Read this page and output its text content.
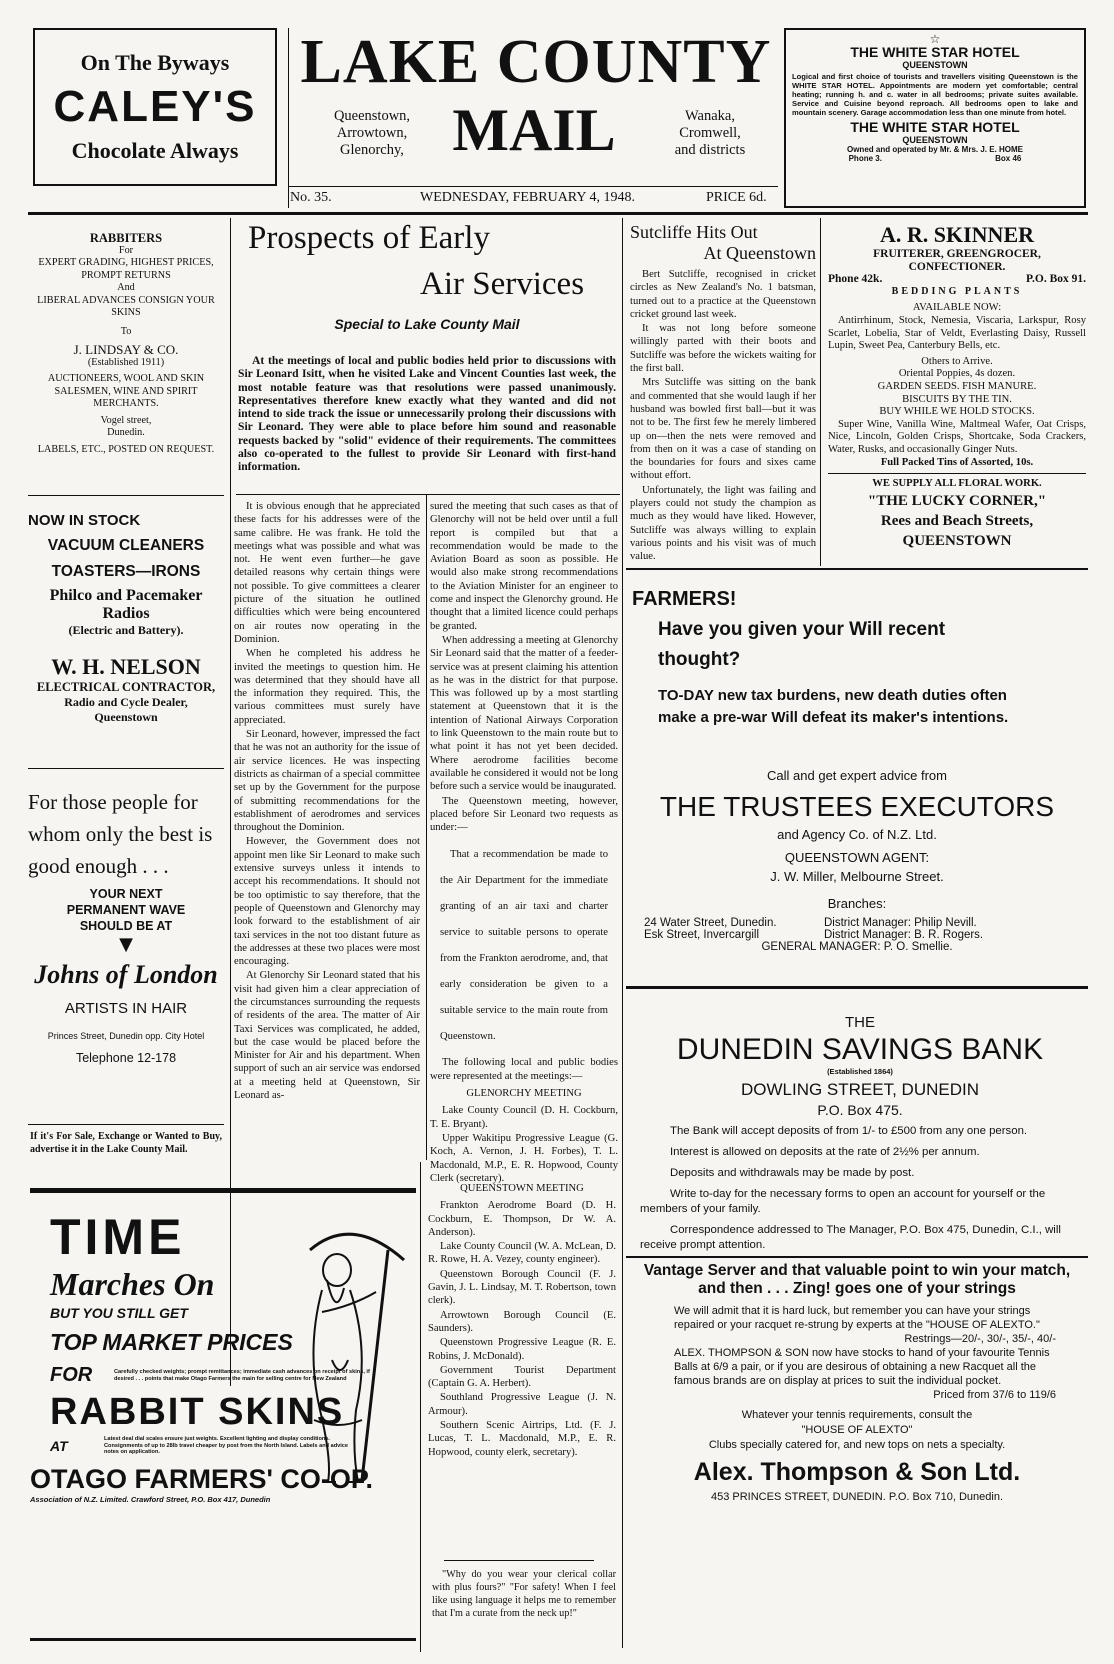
On The Byways
CALEY'S
Chocolate Always
LAKE COUNTY
Queenstown,
Arrowtown,
Glenorchy, MAIL	Wanaka,
Cromwell,
and districts
No. 35.	WEDNESDAY, FEBRUARY 4, 1948.	PRICE 6d.
☆
THE WHITE STAR HOTEL
QUEENSTOWN
Logical and first choice of tourists and travellers visiting Queenstown is the WHITE STAR HOTEL. Appointments are modern yet comfortable; central heating; running h. and c. water in all bedrooms; private suites available. Service and Cuisine beyond reproach. All bedrooms open to lake and mountain scenery. Garage accommodation less than one minute from hotel.
THE WHITE STAR HOTEL
QUEENSTOWN
Owned and operated by Mr. & Mrs. J. E. HOME
Phone 3.	Box 46
RABBITERS
For
EXPERT GRADING, HIGHEST PRICES, PROMPT RETURNS
And
LIBERAL ADVANCES CONSIGN YOUR SKINS
To
J. LINDSAY & CO.
(Established 1911)
AUCTIONEERS, WOOL AND SKIN SALESMEN, WINE AND SPIRIT MERCHANTS.
Vogel street,
Dunedin.
LABELS, ETC., POSTED ON REQUEST.
NOW IN STOCK
VACUUM CLEANERS
TOASTERS—IRONS
Philco and Pacemaker
Radios
(Electric and Battery).
W. H. NELSON
ELECTRICAL CONTRACTOR,
Radio and Cycle Dealer,
Queenstown
For those people for whom only the best is good enough . . .
YOUR NEXT
PERMANENT WAVE
SHOULD BE AT
▼
Johns of London
ARTISTS IN HAIR
Princes Street, Dunedin opp. City Hotel
Telephone 12-178
If it's For Sale, Exchange or Wanted to Buy, advertise it in the Lake County Mail.
Prospects of Early
Air Services
Special to Lake County Mail
At the meetings of local and public bodies held prior to discussions with Sir Leonard Isitt, when he visited Lake and Vincent Counties last week, the most notable feature was that resolutions were passed unanimously. Representatives therefore knew exactly what they wanted and did not intend to side track the issue or unnecessarily prolong their discussions with Sir Leonard. They were able to place before him sound and reasonable requests backed by "solid" evidence of their requirements. The committees also co-operated to the fullest to provide Sir Leonard with first-hand information.

It is obvious enough that he appreciated these facts for his addresses were of the same calibre. He was frank. He told the meetings what was possible and what was not. He went even further—he gave detailed reasons why certain things were not possible. To give committees a clearer picture of the situation he outlined difficulties which were being encountered on air routes now operating in the Dominion.

When he completed his address he invited the meetings to question him. He was determined that they should have all the information they required. This, the various committees must surely have appreciated.

Sir Leonard, however, impressed the fact that he was not an authority for the issue of air service licences. He was inspecting districts as chairman of a special committee set up by the Government for the purpose of submitting recommendations for the establishment of aerodromes and services throughout the Dominion.

However, the Government does not appoint men like Sir Leonard to make such extensive surveys unless it intends to accept his recommendations. It should not be too optimistic to say therefore, that the people of Queenstown and Glenorchy may look forward to the establishment of air taxi services in the not too distant future as the addresses at these two places were most encouraging.

At Glenorchy Sir Leonard stated that his visit had given him a clear appreciation of the circumstances surrounding the requests of residents of the area. The matter of Air Taxi Services was complicated, he added, but the case would be placed before the Minister for Air and his department. When support of such an air service was endorsed at a meeting held at Queenstown, Sir Leonard as-

sured the meeting that such cases as that of Glenorchy will not be held over until a full report is compiled but that a recommendation would be made to the Aviation Board as soon as possible. He would also make strong recommendations to the Aviation Minister for an engineer to come and inspect the Glenorchy ground. He thought that a limited licence could perhaps be granted.

When addressing a meeting at Glenorchy Sir Leonard said that the matter of a feeder-service was at present claiming his attention as he was in the district for that purpose. This was followed up by a most startling statement at Queenstown that it is the intention of National Airways Corporation to link Queenstown to the main route but to what point it has not yet been decided. Where aerodrome facilities become available he considered it would not be long before such a service would be inaugurated.

The Queenstown meeting, however, placed before Sir Leonard two requests as under:—

That a recommendation be made to the Air Department for the immediate granting of an air taxi and charter service to suitable persons to operate from the Frankton aerodrome, and, that early consideration be given to a suitable service to the main route from Queenstown.

The following local and public bodies were represented at the meetings:—

GLENORCHY MEETING

Lake County Council (D. H. Cockburn, T. E. Bryant).

Upper Wakitipu Progressive League (G. Koch, A. Vernon, J. H. Forbes), T. L. Macdonald, M.P., E. R. Hopwood, County Clerk (secretary).

QUEENSTOWN MEETING

Frankton Aerodrome Board (D. H. Cockburn, E. Thompson, Dr W. A. Anderson).

Lake County Council (W. A. McLean, D. R. Rowe, H. A. Vezey, county engineer).

Queenstown Borough Council (F. J. Gavin, J. L. Lindsay, M. T. Robertson, town clerk).

Arrowtown Borough Council (E. Saunders).

Queenstown Progressive League (R. E. Robins, J. McDonald).

Government Tourist Department (Captain G. A. Herbert).

Southland Progressive League (J. N. Armour).

Southern Scenic Airtrips, Ltd. (F. J. Lucas, T. L. Macdonald, M.P., E. R. Hopwood, county elerk, secretary).

"Why do you wear your clerical collar with plus fours?" "For safety! When I feel like using language it helps me to remember that I'm a curate from the neck up!"
Sutcliffe Hits Out
At Queenstown

Bert Sutcliffe, recognised in cricket circles as New Zealand's No. 1 batsman, turned out to a practice at the Queenstown cricket ground last week.

It was not long before someone willingly parted with their boots and Sutcliffe was before the wickets waiting for the first ball.

Mrs Sutcliffe was sitting on the bank and commented that she would laugh if her husband was bowled first ball—but it was not to be. The first few he merely limbered up on—then the nets were removed and from then on it was a case of standing on the boundaries for fours and sixes came without effort.

Unfortunately, the light was failing and players could not study the champion as much as they would have liked. However, Sutcliffe was always willing to explain various points and his visit was of much value.

A. R. SKINNER
FRUITERER, GREENGROCER, CONFECTIONER.
Phone 42k.	P.O. Box 91.
BEDDING PLANTS
AVAILABLE NOW:
Antirrhinum, Stock, Nemesia, Viscaria, Larkspur, Rosy Scarlet, Lobelia, Star of Veldt, Everlasting Daisy, Russell Lupin, Sweet Pea, Canterbury Bells, etc.
Others to Arrive.
Oriental Poppies, 4s dozen.
GARDEN SEEDS. FISH MANURE.
BISCUITS BY THE TIN.
BUY WHILE WE HOLD STOCKS.
Super Wine, Vanilla Wine, Maltmeal Wafer, Oat Crisps, Nice, Lincoln, Golden Crisps, Shortcake, Soda Crackers, Water, Rusks, and occasionally Ginger Nuts.
Full Packed Tins of Assorted, 10s.
WE SUPPLY ALL FLORAL WORK.
"THE LUCKY CORNER,"
Rees and Beach Streets,
QUEENSTOWN
FARMERS!
Have you given your Will recent thought?
TO-DAY new tax burdens, new death duties often make a pre-war Will defeat its maker's intentions.
Call and get expert advice from
THE TRUSTEES EXECUTORS
and Agency Co. of N.Z. Ltd.
QUEENSTOWN AGENT:
J. W. Miller, Melbourne Street.
Branches:
24 Water Street, Dunedin.	District Manager: Philip Nevill.
Esk Street, Invercargill	District Manager: B. R. Rogers.
GENERAL MANAGER: P. O. Smellie.
THE
DUNEDIN SAVINGS BANK
(Established 1864)
DOWLING STREET, DUNEDIN
P.O. Box 475.
The Bank will accept deposits of from 1/- to £500 from any one person.
Interest is allowed on deposits at the rate of 2½% per annum.
Deposits and withdrawals may be made by post.
Write to-day for the necessary forms to open an account for yourself or the members of your family.
Correspondence addressed to The Manager, P.O. Box 475, Dunedin, C.I., will receive prompt attention.
Vantage Server and that valuable point to win your match, and then . . . Zing! goes one of your strings
We will admit that it is hard luck, but remember you can have your strings repaired or your racquet re-strung by experts at the "HOUSE OF ALEXTO."
Restrings—20/-, 30/-, 35/-, 40/-
ALEX. THOMPSON & SON now have stocks to hand of your favourite Tennis Balls at 6/9 a pair, or if you are desirous of obtaining a new Racquet all the famous brands are on display at prices to suit the individual pocket.
Priced from 37/6 to 119/6
Whatever your tennis requirements, consult the
"HOUSE OF ALEXTO"
Clubs specially catered for, and new tops on nets a specialty.
Alex. Thompson & Son Ltd.
453 PRINCES STREET, DUNEDIN. P.O. Box 710, Dunedin.
TIME
Marches On
BUT YOU STILL GET
TOP MARKET PRICES
FOR	Carefully checked weights; prompt remittances; immediate cash advances on receipt of skins, if desired . . . points that make Otago Farmers the main for selling centre for New Zealand
RABBIT SKINS
AT	Latest deal dial scales ensure just weights. Excellent lighting and display conditions. Consignments of up to 28lb travel cheaper by post from the North Island. Labels and advice notes on application.
OTAGO FARMERS' CO-OP.
Association of N.Z. Limited. Crawford Street, P.O. Box 417, Dunedin
